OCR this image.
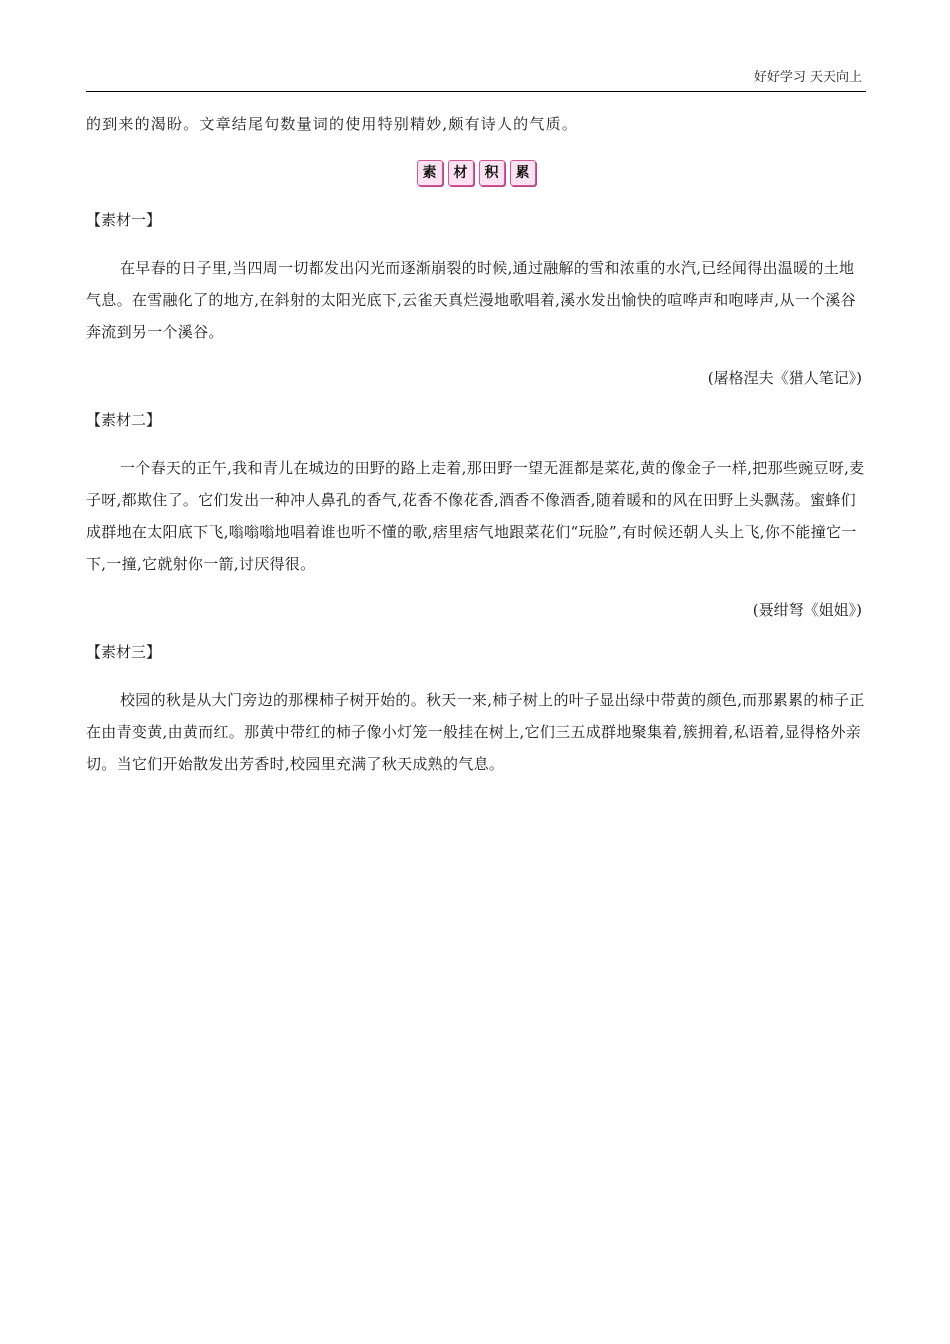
好好学习 天天向上

的到来的渴盼。文章结尾句数量词的使用特别精妙,颇有诗人的气质。

素	材	积	累

【素材一】

在早春的日子里,当四周一切都发出闪光而逐渐崩裂的时候,通过融解的雪和浓重的水汽,已经闻得出温暖的土地气息。在雪融化了的地方,在斜射的太阳光底下,云雀天真烂漫地歌唱着,溪水发出愉快的喧哗声和咆哮声,从一个溪谷奔流到另一个溪谷。

(屠格涅夫《猎人笔记》)

【素材二】

一个春天的正午,我和青儿在城边的田野的路上走着,那田野一望无涯都是菜花,黄的像金子一样,把那些豌豆呀,麦子呀,都欺住了。它们发出一种冲人鼻孔的香气,花香不像花香,酒香不像酒香,随着暖和的风在田野上头飘荡。蜜蜂们成群地在太阳底下飞,嗡嗡嗡地唱着谁也听不懂的歌,痞里痞气地跟菜花们“玩脸”,有时候还朝人头上飞,你不能撞它一下,一撞,它就射你一箭,讨厌得很。

(聂绀弩《姐姐》)

【素材三】

校园的秋是从大门旁边的那棵柿子树开始的。秋天一来,柿子树上的叶子显出绿中带黄的颜色,而那累累的柿子正在由青变黄,由黄而红。那黄中带红的柿子像小灯笼一般挂在树上,它们三五成群地聚集着,簇拥着,私语着,显得格外亲切。当它们开始散发出芳香时,校园里充满了秋天成熟的气息。
